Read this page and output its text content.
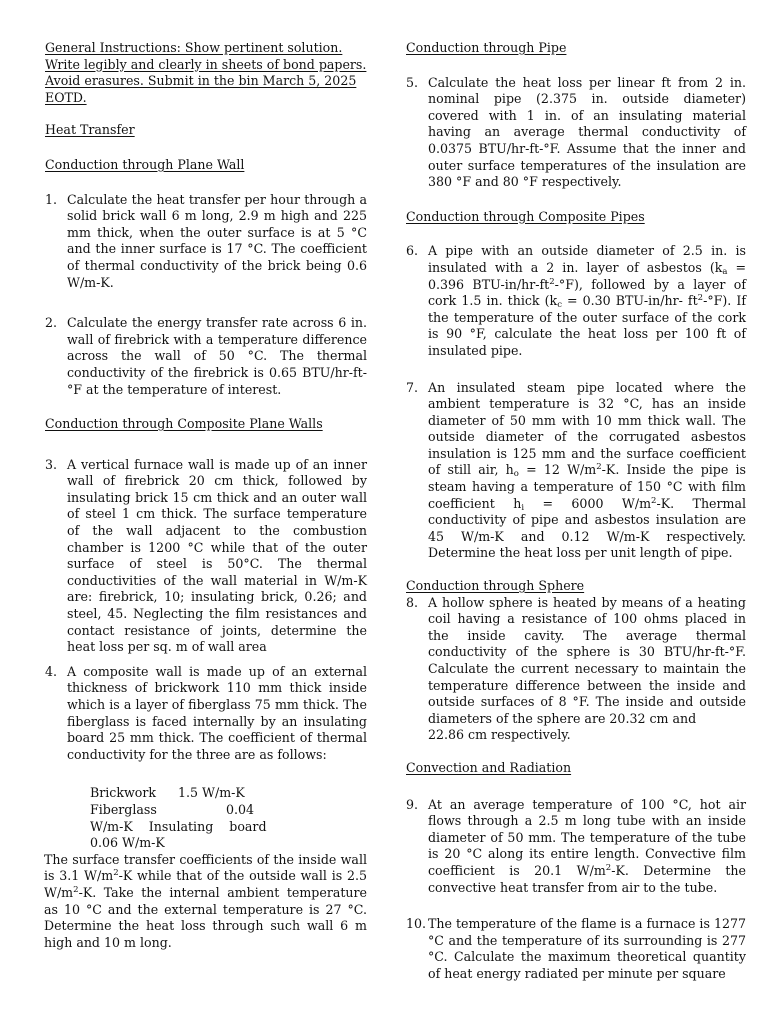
General Instructions: Show pertinent solution. Write legibly and clearly in sheets of bond papers. Avoid erasures. Submit in the bin March 5, 2025 EOTD.

Heat Transfer

Conduction through Plane Wall

1. Calculate the heat transfer per hour through a solid brick wall 6 m long, 2.9 m high and 225 mm thick, when the outer surface is at 5 °C and the inner surface is 17 °C. The coefficient of thermal conductivity of the brick being 0.6 W/m-K.
2. Calculate the energy transfer rate across 6 in. wall of firebrick with a temperature difference across the wall of 50 °C. The thermal conductivity of the firebrick is 0.65 BTU/hr-ft-°F at the temperature of interest.

Conduction through Composite Plane Walls

3. A vertical furnace wall is made up of an inner wall of firebrick 20 cm thick, followed by insulating brick 15 cm thick and an outer wall of steel 1 cm thick. The surface temperature of the wall adjacent to the combustion chamber is 1200 °C while that of the outer surface of steel is 50°C. The thermal conductivities of the wall material in W/m-K are: firebrick, 10; insulating brick, 0.26; and steel, 45. Neglecting the film resistances and contact resistance of joints, determine the heat loss per sq. m of wall area
4. A composite wall is made up of an external thickness of brickwork 110 mm thick inside which is a layer of fiberglass 75 mm thick. The fiberglass is faced internally by an insulating board 25 mm thick. The coefficient of thermal conductivity for the three are as follows:

Brickwork	1.5 W/m-K
Fiberglass	0.04
W/m-K    Insulating    board
0.06 W/m-K

The surface transfer coefficients of the inside wall is 3.1 $W/m^2-K$ while that of the outside wall is 2.5 $W/m^2-K$. Take the internal ambient temperature as 10 °C and the external temperature is 27 °C. Determine the heat loss through such wall 6 m high and 10 m long.

Conduction through Pipe

5. Calculate the heat loss per linear ft from 2 in. nominal pipe (2.375 in. outside diameter) covered with 1 in. of an insulating material having an average thermal conductivity of 0.0375 BTU/hr-ft-°F. Assume that the inner and outer surface temperatures of the insulation are 380 °F and 80 °F respectively.

Conduction through Composite Pipes

6. A pipe with an outside diameter of 2.5 in. is insulated with a 2 in. layer of asbestos ($k_a = 0.396$ BTU-$in/hr-ft^2-^\circ F$), followed by a layer of cork 1.5 in. thick ($k_c = 0.30$ BTU-in/hr- $ft^2-^\circ F$). If the temperature of the outer surface of the cork is 90 °F, calculate the heat loss per 100 ft of insulated pipe.
7. An insulated steam pipe located where the ambient temperature is 32 °C, has an inside diameter of 50 mm with 10 mm thick wall. The outside diameter of the corrugated asbestos insulation is 125 mm and the surface coefficient of still air, $h_o = 12$ $W/m^2-K$. Inside the pipe is steam having a temperature of 150 °C with film coefficient $h_i = 6000$ $W/m^2-K$. Thermal conductivity of pipe and asbestos insulation are 45 W/m-K and 0.12 W/m-K respectively. Determine the heat loss per unit length of pipe.

Conduction through Sphere

8. A hollow sphere is heated by means of a heating coil having a resistance of 100 ohms placed in the inside cavity. The average thermal conductivity of the sphere is 30 BTU/hr-ft-°F. Calculate the current necessary to maintain the temperature difference between the inside and outside surfaces of 8 °F. The inside and outside diameters of the sphere are 20.32 cm and

22.86 cm respectively.

Convection and Radiation

9. At an average temperature of 100 °C, hot air flows through a 2.5 m long tube with an inside diameter of 50 mm. The temperature of the tube is 20 °C along its entire length. Convective film coefficient is 20.1 $W/m^2-K$. Determine the convective heat transfer from air to the tube.
10. The temperature of the flame is a furnace is 1277 °C and the temperature of its surrounding is 277 °C. Calculate the maximum theoretical quantity of heat energy radiated per minute per square
